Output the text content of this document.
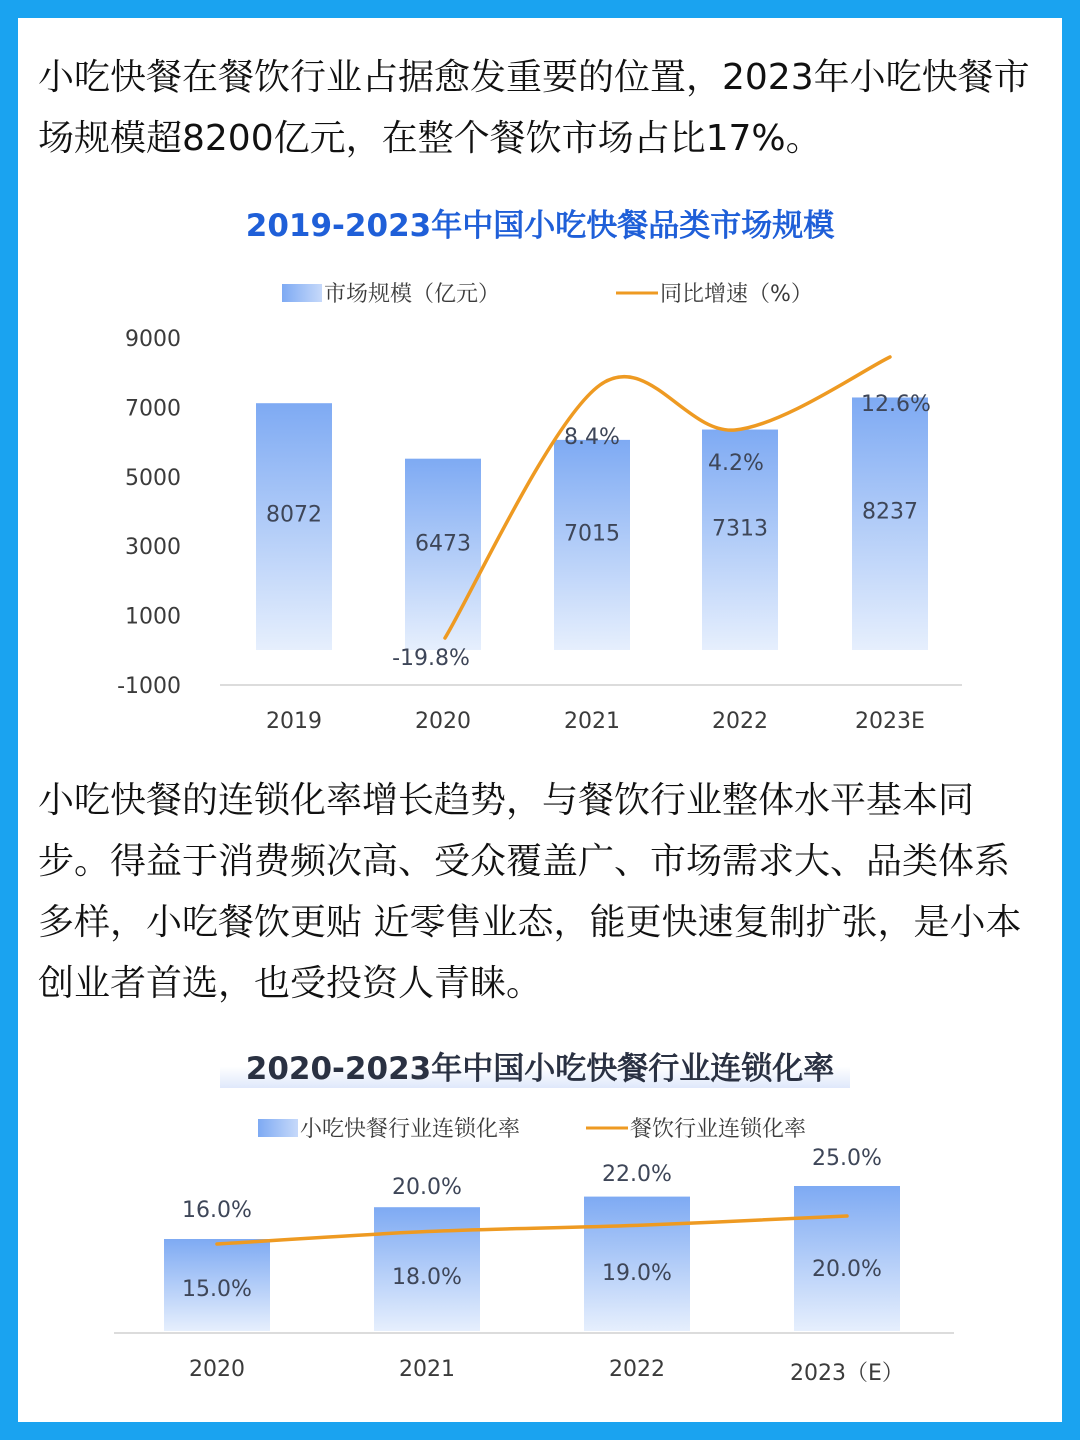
小吃快餐在餐饮行业占据愈发重要的位置，2023年小吃快餐市场规模超8200亿元，在整个餐饮市场占比17%。

2019-2023年中国小吃快餐品类市场规模

小吃快餐的连锁化率增长趋势，与餐饮行业整体水平基本同步。得益于消费频次高、受众覆盖广、市场需求大、品类体系多样，小吃餐饮更贴 近零售业态，能更快速复制扩张，是小本创业者首选，也受投资人青睐。

2020-2023年中国小吃快餐行业连锁化率
市场规模（亿元）	同比增速（%）
9000
7000
5000
3000
1000
-1000
8072
2019
6473
2020
7015
2021
7313
2022
8237
2023E
-19.8%
8.4%
4.2%
12.6%
小吃快餐行业连锁化率	餐饮行业连锁化率
15.0%
2020
18.0%
2021
19.0%
2022
20.0%
2023（E）
16.0%
20.0%
22.0%
25.0%
